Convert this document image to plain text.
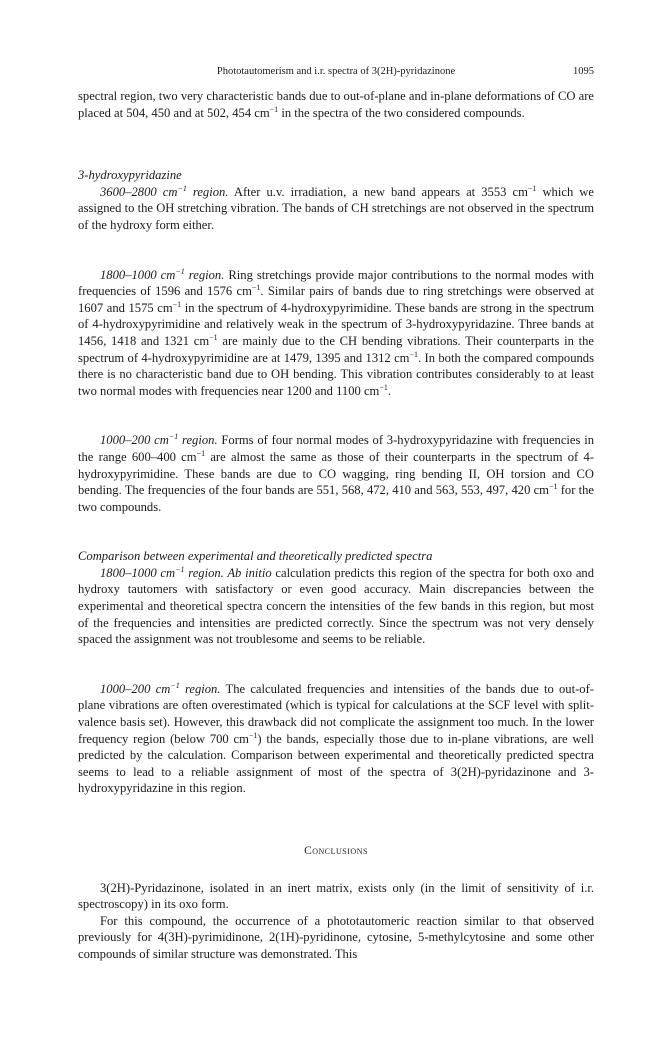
Phototautomerism and i.r. spectra of 3(2H)-pyridazinone	1095

spectral region, two very characteristic bands due to out-of-plane and in-plane deformations of CO are placed at 504, 450 and at 502, 454 $cm^{-1}$ in the spectra of the two considered compounds.

3-hydroxypyridazine

3600–2800 $cm^{-1}$ region. After u.v. irradiation, a new band appears at 3553 $cm^{-1}$ which we assigned to the OH stretching vibration. The bands of CH stretchings are not observed in the spectrum of the hydroxy form either.

1800–1000 $cm^{-1}$ region. Ring stretchings provide major contributions to the normal modes with frequencies of 1596 and 1576 $cm^{-1}$. Similar pairs of bands due to ring stretchings were observed at 1607 and 1575 $cm^{-1}$ in the spectrum of 4-hydroxypyrimidine. These bands are strong in the spectrum of 4-hydroxypyrimidine and relatively weak in the spectrum of 3-hydroxypyridazine. Three bands at 1456, 1418 and 1321 $cm^{-1}$ are mainly due to the CH bending vibrations. Their counterparts in the spectrum of 4-hydroxypyrimidine are at 1479, 1395 and 1312 $cm^{-1}$. In both the compared compounds there is no characteristic band due to OH bending. This vibration contributes considerably to at least two normal modes with frequencies near 1200 and 1100 $cm^{-1}$.

1000–200 $cm^{-1}$ region. Forms of four normal modes of 3-hydroxypyridazine with frequencies in the range 600–400 $cm^{-1}$ are almost the same as those of their counterparts in the spectrum of 4-hydroxypyrimidine. These bands are due to CO wagging, ring bending II, OH torsion and CO bending. The frequencies of the four bands are 551, 568, 472, 410 and 563, 553, 497, 420 $cm^{-1}$ for the two compounds.

Comparison between experimental and theoretically predicted spectra

1800–1000 $cm^{-1}$ region. Ab initio calculation predicts this region of the spectra for both oxo and hydroxy tautomers with satisfactory or even good accuracy. Main discrepancies between the experimental and theoretical spectra concern the intensities of the few bands in this region, but most of the frequencies and intensities are predicted correctly. Since the spectrum was not very densely spaced the assignment was not troublesome and seems to be reliable.

1000–200 $cm^{-1}$ region. The calculated frequencies and intensities of the bands due to out-of-plane vibrations are often overestimated (which is typical for calculations at the SCF level with split-valence basis set). However, this drawback did not complicate the assignment too much. In the lower frequency region (below 700 $cm^{-1}$) the bands, especially those due to in-plane vibrations, are well predicted by the calculation. Comparison between experimental and theoretically predicted spectra seems to lead to a reliable assignment of most of the spectra of 3(2H)-pyridazinone and 3-hydroxypyridazine in this region.

Conclusions

3(2H)-Pyridazinone, isolated in an inert matrix, exists only (in the limit of sensitivity of i.r. spectroscopy) in its oxo form.

For this compound, the occurrence of a phototautomeric reaction similar to that observed previously for 4(3H)-pyrimidinone, 2(1H)-pyridinone, cytosine, 5-methylcytosine and some other compounds of similar structure was demonstrated. This
